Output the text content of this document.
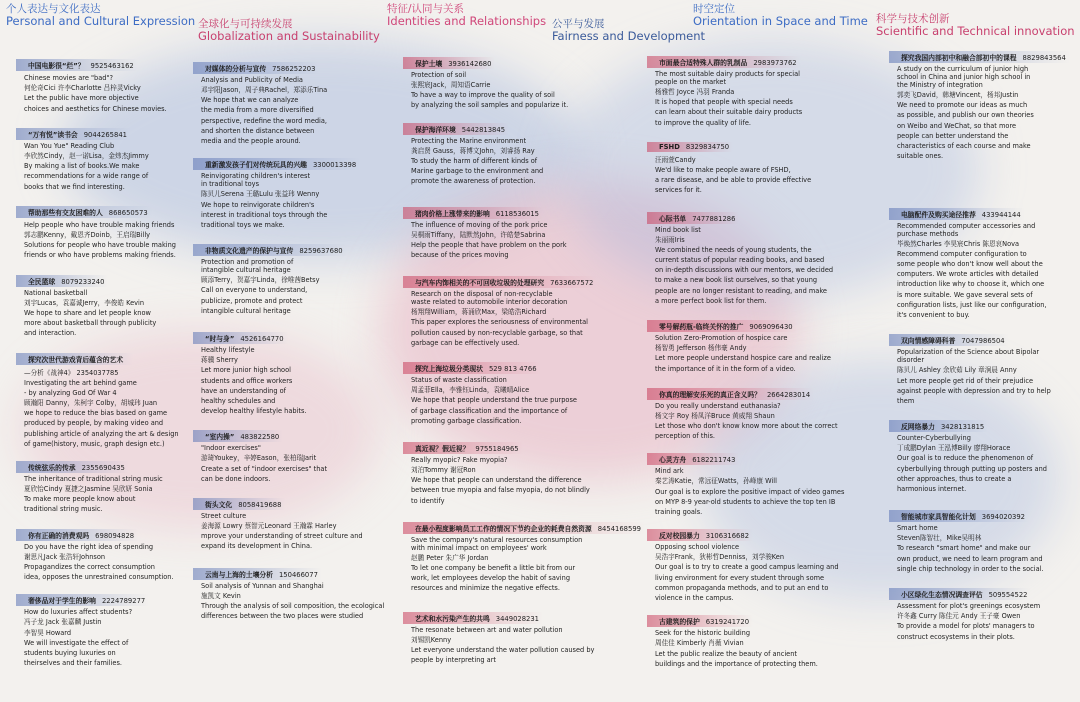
个人表达与文化表达
Personal and Cultural Expression 全球化与可持续发展
Globalization and Sustainability
特征/认同与关系
Identities and Relationships 公平与发展
Fairness and Development
时空定位
Orientation in Space and Time 科学与技术创新
Scientific and Technical innovation
中国电影很“烂”？ 9525463162
Chinese movies are "bad"?
何伦奇Cici 许李Charlotte 吕梓灵Vicky
Let the public have more objective
choices and aesthetics for Chinese movies.
“万有悦”读书会 9044265841
Wan You Yue" Reading Club
李欣然Cindy，赵一诺Lisa，金炜杰Jimmy
By making a list of books.We make
recommendations for a wide range of
books that we find interesting.
帮助那些有交友困难的人 868650573
Help people who have trouble making friends
郭志鹏Kenny，戴恩齐Doinb，王启瑞Billy
Solutions for people who have trouble making
friends or who have problems making friends.
全民篮球 8079233240
National basketball
刘宇Lucas，袁嘉诚Jerry，李俊皓 Kevin
We hope to share and let people know
more about basketball through publicity
and interaction.
探究次世代游戏背后蕴含的艺术
—分析《战神4》 2354037785
Investigating the art behind game
- by analyzing God Of War 4
顾瀚阳 Danny，朱柯宇 Colby，胡城玮 Juan
we hope to reduce the bias based on game
produced by people, by making video and
publishing article of analyzing the art & design
of game(history, music, graph design etc.)
传统弦乐的传承 2355690435
The inheritance of traditional string music
夏欣怡Cindy 夏捷之Jasmine 吴欣妍 Sonia
To make more people know about
traditional string music.
你有正确的消费观吗 698094828
Do you have the right idea of spending
谢思凡Jack 张浩轩Johnson
Propagandizes the correct consumption
idea, opposes the unrestrained consumption.
奢侈品对于学生的影响 2224789277
How do luxuries affect students?
冯子龙 Jack 张嘉麟 Justin
李智昊 Howard
We will investigate the effect of
students buying luxuries on
theirselves and their families.
对媒体的分析与宣传 7586252203
Analysis and Publicity of Media
邓宇阳Jason，周子典Rachel，郑添乐Tina
We hope that we can analyze
the media from a more diversified
perspective, redefine the word media,
and shorten the distance between
media and the people around.
重新激发孩子们对传统玩具的兴趣 3300013398
Reinvigorating children's interest
in traditional toys
陈贝儿Serena 王璐Lulu 张益玮 Wenny
We hope to reinvigorate children's
interest in traditional toys through the
traditional toys we make.
非物质文化遗产的保护与宣传 8259637680
Protection and promotion of
intangible cultural heritage
顾添Terry，贺嘉宇Linda，徐唯茜Betsy
Call on everyone to understand,
publicize, promote and protect
intangible cultural heritage
“时与身” 4526164770
Healthy lifestyle
蒋骥 Sherry
Let more junior high school
students and office workers
have an understanding of
healthy schedules and
develop healthy lifestyle habits.
“室内操” 483822580
"Indoor exercises"
游琦Youkey，辛婷Eason，张柏瑞Jarit
Create a set of "indoor exercises" that
can be done indoors.
街头文化 8058419688
Street culture
姜海源 Lowry 蔡智元Leonard 王瀚霖 Harley
mprove your understanding of street culture and
expand its development in China.
云南与上海的土壤分析 150466077
Soil analysis of Yunnan and Shanghai
施凯文 Kevin
Through the analysis of soil composition, the ecological
differences between the two places were studied
保护土壤 3936142680
Protection of soil
张熙宸Jack，周知语Carrie
To have a way to improve the quality of soil
by analyzing the soil samples and popularize it.
保护海洋环境 5442813845
Protecting the Marine environment
龚启贤 Gauss，蒋博文John，刘睿扬 Ray
To study the harm of different kinds of
Marine garbage to the environment and
promote the awareness of protection.
猪肉价格上涨带来的影响 6118536015
The influence of moving of the pork price
吴桐雨Tiffany，陆默然John，许皓楚Sabrina
Help the people that have problem on the pork
because of the prices moving
与汽车内饰相关的不可回收垃圾的处理研究 7633667572
Research on the disposal of non-recyclable
waste related to automobile interior decoration
杨翔翔William，蒋涌欣Max，梁皓浩Richard
This paper explores the seriousness of environmental
pollution caused by non-recyclable garbage, so that
garbage can be effectively used.
探究上海垃圾分类现状 529 813 4766
Status of waste classification
周孟菲Ella，李雅钰Linda，袁曦晴Alice
We hope that people understand the true purpose
of garbage classification and the importance of
promoting garbage classification.
真近视？假近视？ 9755184965
Really myopic? Fake myopia?
刘泊Tommy 谢冠Ron
We hope that people can understand the difference
between true myopia and false myopia, do not blindly
to identify
在最小程度影响员工工作的情况下节约企业的耗费自然资源 8454168599
Save the company's natural resources consumption
with minimal impact on employees' work
赵鹏 Peter 朱广华 Jordan
To let one company be benefit a little bit from our
work, let employees develop the habit of saving
resources and minimize the negative effects.
艺术和水污染产生的共鸣 3449028231
The resonate between art and water pollution
刘锡凯Kenny
Let everyone understand the water pollution caused by
people by interpreting art
市面最合适特殊人群的乳制品 2983973762
The most suitable dairy products for special
people on the market
杨雅哲 Joyce 冯羽 Franda
It is hoped that people with special needs
can learn about their suitable dairy products
to improve the quality of life.
FSHD 8329834750
汪雨萱Candy
We'd like to make people aware of FSHD,
a rare disease, and be able to provide effective
services for it.
心际书单 7477881286
Mind book list
朱丽雨Iris
We combined the needs of young students, the
current status of popular reading books, and based
on in-depth discussions with our mentors, we decided
to make a new book list ourselves, so that young
people are no longer resistant to reading, and make
a more perfect book list for them.
零号解药瓶-临终关怀的推广 9069096430
Solution Zero-Promotion of hospice care
杨智勇 Jefferson 杨伟豪 Andy
Let more people understand hospice care and realize
the importance of it in the form of a video.
你真的理解安乐死的真正含义吗？ 2664283014
Do you really understand euthanasia?
杨文宇 Roy 杨凤洋Bruce 黄威翔 Shaun
Let those who don't know know more about the correct
perception of this.
心灵方舟 6182211743
Mind ark
秦艺涛Katie，常远征Watts，孙峰康 Will
Our goal is to explore the positive impact of video games
on MYP 8-9 year-old students to achieve the top ten IB
training goals.
反对校园暴力 3106316682
Opposing school violence
吴浩宇Frank，狄彬哲Denniss，刘学骏Ken
Our goal is to try to create a good campus learning and
living environment for every student through some
common propaganda methods, and to put an end to
violence in the campus.
古建筑的保护 6319241720
Seek for the historic building
周佳佳 Kimberly 肖薇 Vivian
Let the public realize the beauty of ancient
buildings and the importance of protecting them.
探究我国内部初中和融合部初中的课程 8829843564
A study on the curriculum of junior high
school in China and junior high school in
the Ministry of integration
郭奕飞David，韩塘Vincent，杨邦Justin
We need to promote our ideas as much
as possible, and publish our own theories
on Weibo and WeChat, so that more
people can better understand the
characteristics of each course and make
suitable ones.
电脑配件及购买途径推荐 433944144
Recommended computer accessories and
purchase methods
毕焕然Charles 李昊宸Chris 陈恩哀Nova
Recommend computer configuration to
some people who don't know well about the
computers. We wrote articles with detailed
introduction like why to choose it, which one
is more suitable. We gave several sets of
configuration lists, just like our configuration,
it's convenient to buy.
双向情感障碍科普 7047986504
Popularization of the Science about Bipolar
disorder
陈贝儿 Ashley 余欣茹 Lily 章涧晨 Anny
Let more people get rid of their prejudice
against people with depression and try to help
them
反网络暴力 3428131815
Counter-Cyberbullying
丁成鹏Dylan 王泓博Billy 廖翔Horace
Our goal is to reduce the phenomenon of
cyberbullying through putting up posters and
other approaches, thus to create a
harmonious internet.
智能城市家具智能化计划 3694020392
Smart home
Steven陈智壮，Mike吴明林
To research "smart home" and make our
own product, we need to learn program and
single chip technology in order to the social.
小区绿化生态情况调查评估 509554522
Assessment for plot's greenings ecosystem
许冬鑫 Curry 陈佳元 Andy 王子豪 Owen
To provide a model for plots' managers to
construct ecosystems in their plots.
